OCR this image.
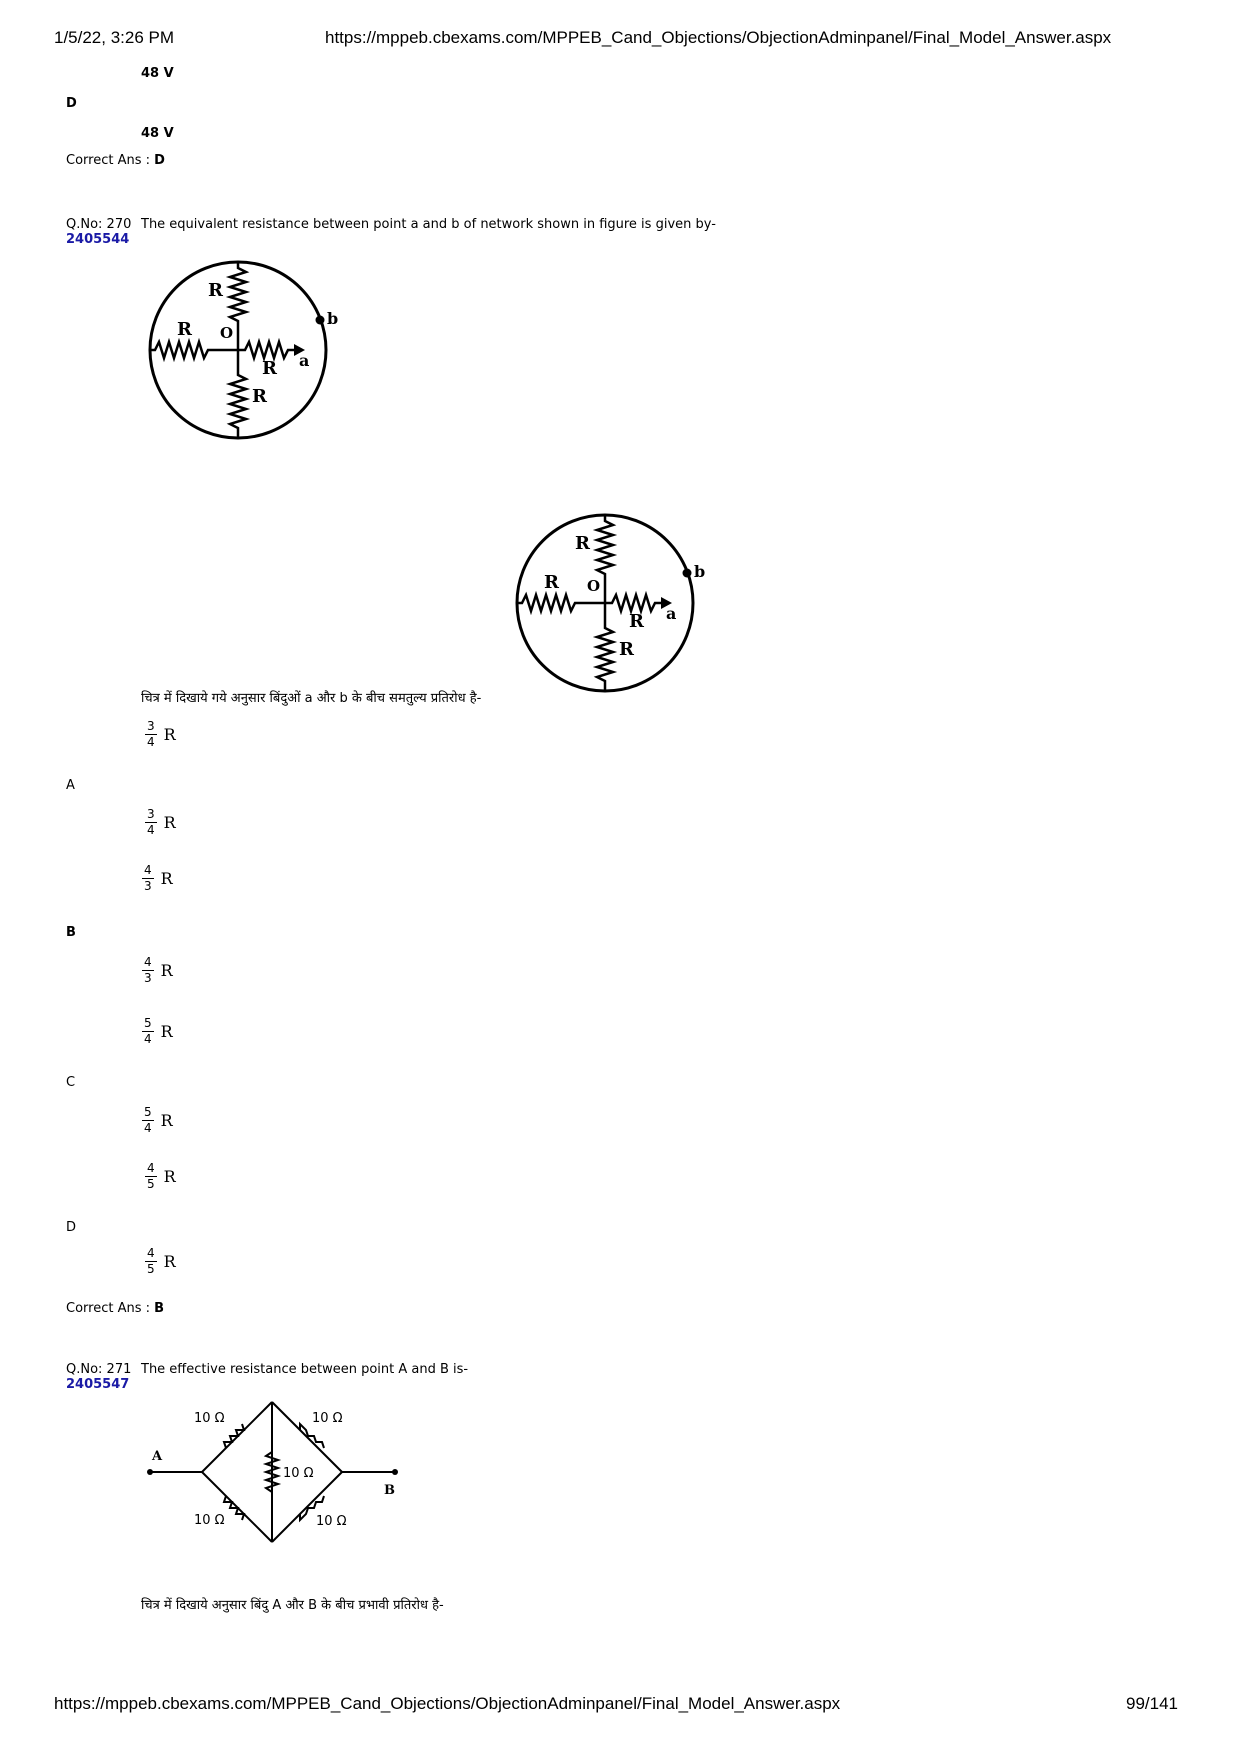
1/5/22, 3:26 PM	https://mppeb.cbexams.com/MPPEB_Cand_Objections/ObjectionAdminpanel/Final_Model_Answer.aspx
48 V
D
48 V
Correct Ans : D
Q.No: 270
2405544
The equivalent resistance between point a and b of network shown in figure is given by-
R
R
R
R
O
a
b
R
R
R
R
O
a
b
चित्र में दिखाये गये अनुसार बिंदुओं a और b के बीच समतुल्य प्रतिरोध है-
$\frac{3}{4}$ R
A
$\frac{3}{4}$ R
$\frac{4}{3}$ R
B
$\frac{4}{3}$ R
$\frac{5}{4}$ R
C
$\frac{5}{4}$ R
$\frac{4}{5}$ R
D
$\frac{4}{5}$ R
Correct Ans : B
Q.No: 271
2405547
The effective resistance between point A and B is-
A
B
10 Ω	10 Ω
10 Ω
10 Ω	10 Ω
चित्र में दिखाये अनुसार बिंदु A और B के बीच प्रभावी प्रतिरोध है-
https://mppeb.cbexams.com/MPPEB_Cand_Objections/ObjectionAdminpanel/Final_Model_Answer.aspx	99/141
